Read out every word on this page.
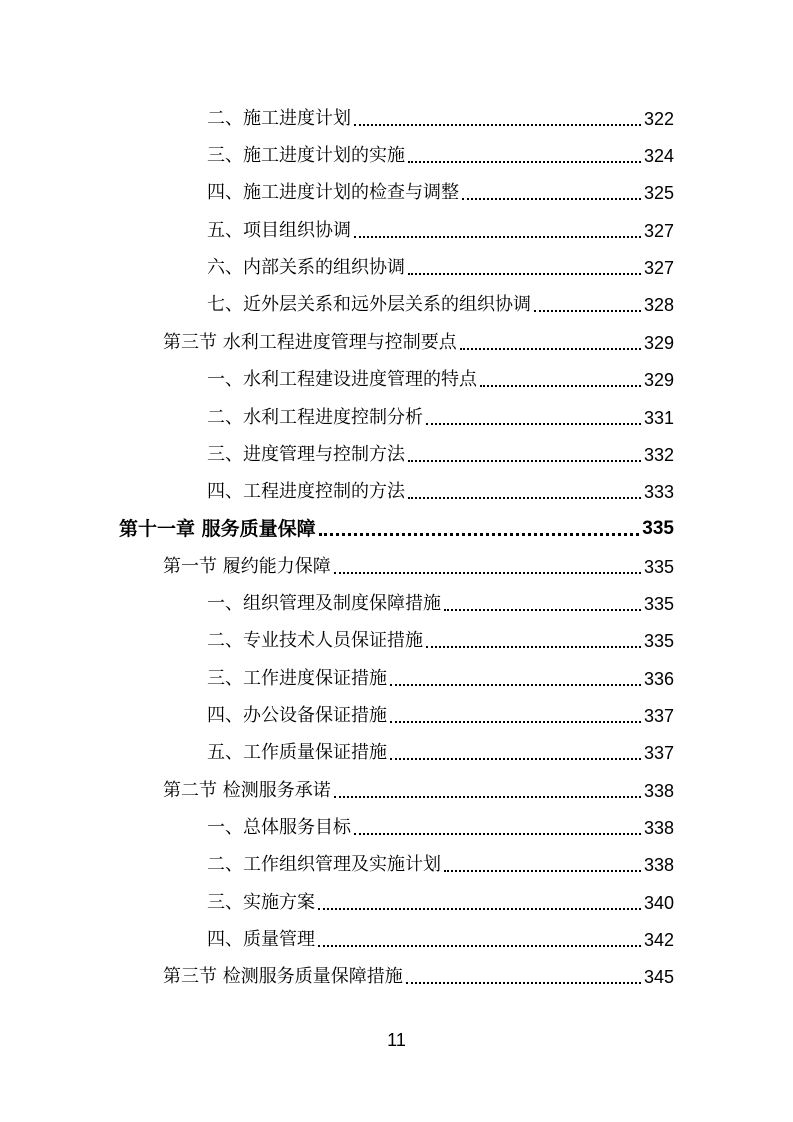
二、施工进度计划	322
三、施工进度计划的实施	324
四、施工进度计划的检查与调整	325
五、项目组织协调	327
六、内部关系的组织协调	327
七、近外层关系和远外层关系的组织协调	328
第三节 水利工程进度管理与控制要点	329
一、水利工程建设进度管理的特点	329
二、水利工程进度控制分析	331
三、进度管理与控制方法	332
四、工程进度控制的方法	333
第十一章 服务质量保障	335
第一节 履约能力保障	335
一、组织管理及制度保障措施	335
二、专业技术人员保证措施	335
三、工作进度保证措施	336
四、办公设备保证措施	337
五、工作质量保证措施	337
第二节 检测服务承诺	338
一、总体服务目标	338
二、工作组织管理及实施计划	338
三、实施方案	340
四、质量管理	342
第三节 检测服务质量保障措施	345
11
